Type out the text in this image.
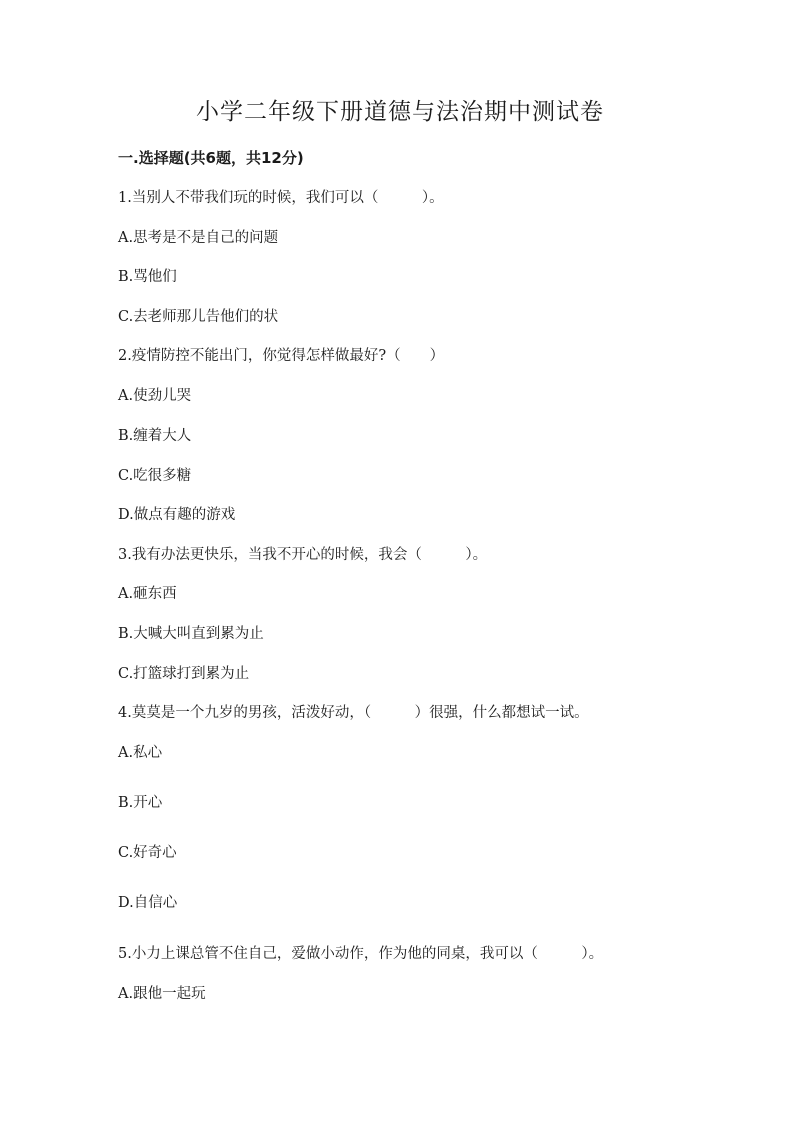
小学二年级下册道德与法治期中测试卷
一.选择题(共6题，共12分)
1.当别人不带我们玩的时候，我们可以（　　　）。
A.思考是不是自己的问题
B.骂他们
C.去老师那儿告他们的状
2.疫情防控不能出门，你觉得怎样做最好?（　　）
A.使劲儿哭
B.缠着大人
C.吃很多糖
D.做点有趣的游戏
3.我有办法更快乐，当我不开心的时候，我会（　　　）。
A.砸东西
B.大喊大叫直到累为止
C.打篮球打到累为止
4.莫莫是一个九岁的男孩，活泼好动，（　　　）很强，什么都想试一试。
A.私心
B.开心
C.好奇心
D.自信心
5.小力上课总管不住自己，爱做小动作，作为他的同桌，我可以（　　　）。
A.跟他一起玩
